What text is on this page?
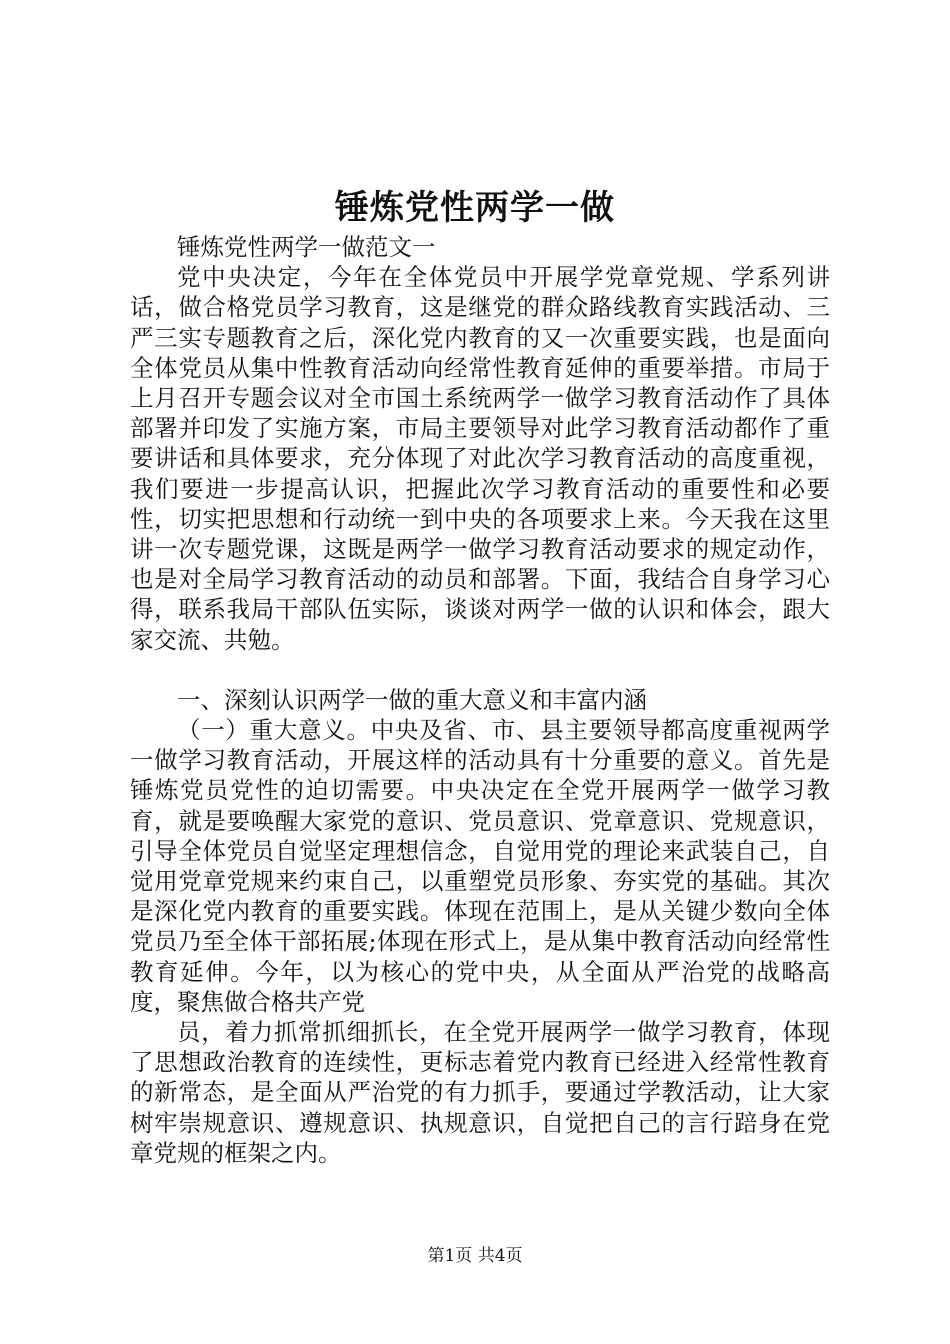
锤炼党性两学一做

锤炼党性两学一做范文一

党中央决定，今年在全体党员中开展学党章党规、学系列讲话，做合格党员学习教育，这是继党的群众路线教育实践活动、三严三实专题教育之后，深化党内教育的又一次重要实践，也是面向全体党员从集中性教育活动向经常性教育延伸的重要举措。市局于上月召开专题会议对全市国土系统两学一做学习教育活动作了具体部署并印发了实施方案，市局主要领导对此学习教育活动都作了重要讲话和具体要求，充分体现了对此次学习教育活动的高度重视，我们要进一步提高认识，把握此次学习教育活动的重要性和必要性，切实把思想和行动统一到中央的各项要求上来。今天我在这里讲一次专题党课，这既是两学一做学习教育活动要求的规定动作，也是对全局学习教育活动的动员和部署。下面，我结合自身学习心得，联系我局干部队伍实际，谈谈对两学一做的认识和体会，跟大家交流、共勉。

一、深刻认识两学一做的重大意义和丰富内涵

（一）重大意义。中央及省、市、县主要领导都高度重视两学一做学习教育活动，开展这样的活动具有十分重要的意义。首先是锤炼党员党性的迫切需要。中央决定在全党开展两学一做学习教育，就是要唤醒大家党的意识、党员意识、党章意识、党规意识，引导全体党员自觉坚定理想信念，自觉用党的理论来武装自己，自觉用党章党规来约束自己，以重塑党员形象、夯实党的基础。其次是深化党内教育的重要实践。体现在范围上，是从关键少数向全体党员乃至全体干部拓展;体现在形式上，是从集中教育活动向经常性教育延伸。今年，以为核心的党中央，从全面从严治党的战略高度，聚焦做合格共产党

员，着力抓常抓细抓长，在全党开展两学一做学习教育，体现了思想政治教育的连续性，更标志着党内教育已经进入经常性教育的新常态，是全面从严治党的有力抓手，要通过学教活动，让大家树牢崇规意识、遵规意识、执规意识，自觉把自己的言行踣身在党章党规的框架之内。

第1页 共4页
